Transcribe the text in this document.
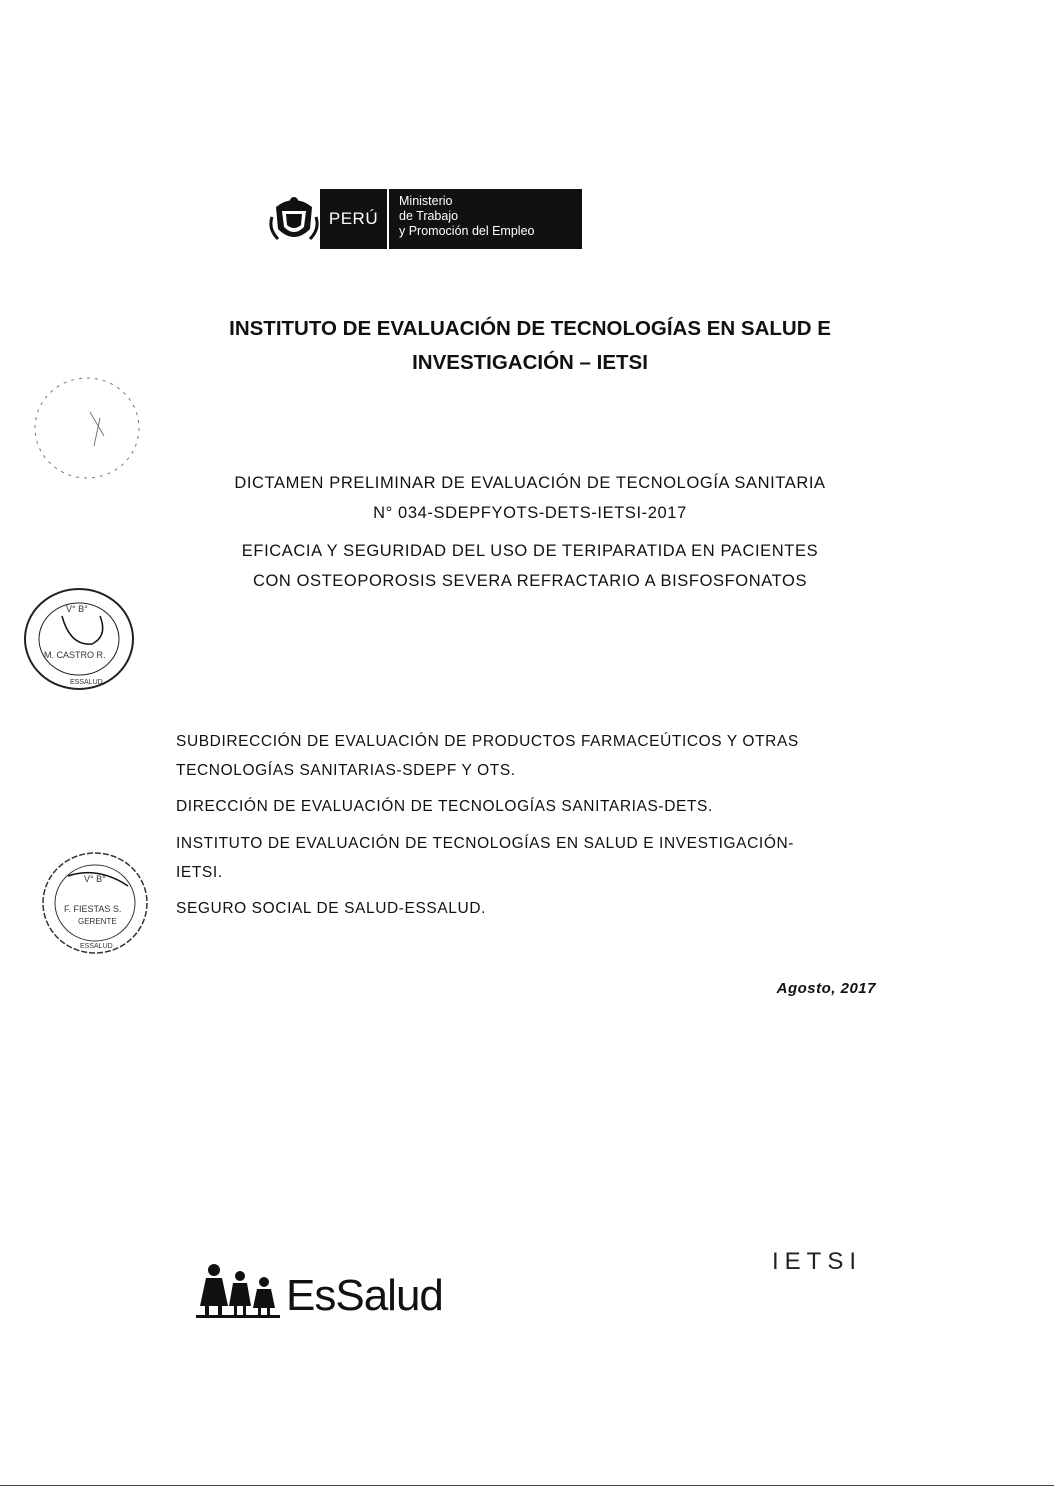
PERÚ
Ministerio
de Trabajo
y Promoción del Empleo
INSTITUTO DE EVALUACIÓN DE TECNOLOGÍAS EN SALUD E
INVESTIGACIÓN – IETSI
DICTAMEN PRELIMINAR DE EVALUACIÓN DE TECNOLOGÍA SANITARIA
N° 034-SDEPFYOTS-DETS-IETSI-2017
EFICACIA Y SEGURIDAD DEL USO DE TERIPARATIDA EN PACIENTES
CON OSTEOPOROSIS SEVERA REFRACTARIO A BISFOSFONATOS
V° B°
M. CASTRO R.
ESSALUD
SUBDIRECCIÓN DE EVALUACIÓN DE PRODUCTOS FARMACEÚTICOS Y OTRAS
TECNOLOGÍAS SANITARIAS-SDEPF Y OTS.
DIRECCIÓN DE EVALUACIÓN DE TECNOLOGÍAS SANITARIAS-DETS.
INSTITUTO DE EVALUACIÓN DE TECNOLOGÍAS EN SALUD E INVESTIGACIÓN-
IETSI.
SEGURO SOCIAL DE SALUD-ESSALUD.
V° B°
F. FIESTAS S.
GERENTE
ESSALUD
Agosto, 2017
EsSalud
IETSI
